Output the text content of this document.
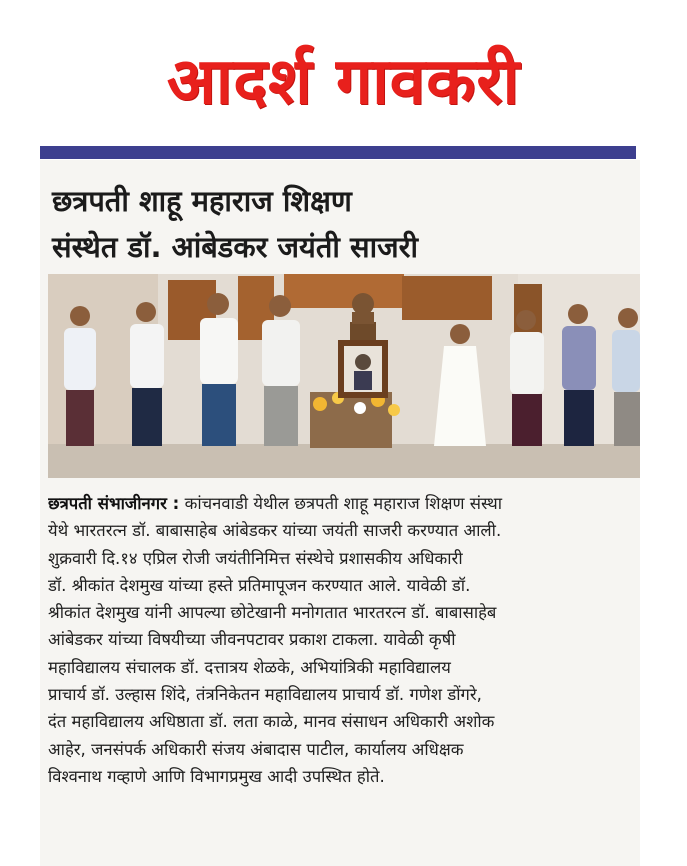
आदर्श गावकरी
छत्रपती शाहू महाराज शिक्षण
संस्थेत डॉ. आंबेडकर जयंती साजरी
छत्रपती संभाजीनगर : कांचनवाडी येथील छत्रपती शाहू महाराज शिक्षण संस्था
येथे भारतरत्न डॉ. बाबासाहेब आंबेडकर यांच्या जयंती साजरी करण्यात आली.
शुक्रवारी दि.१४ एप्रिल रोजी जयंतीनिमित्त संस्थेचे प्रशासकीय अधिकारी
डॉ. श्रीकांत देशमुख यांच्या हस्ते प्रतिमापूजन करण्यात आले. यावेळी डॉ.
श्रीकांत देशमुख यांनी आपल्या छोटेखानी मनोगतात भारतरत्न डॉ. बाबासाहेब
आंबेडकर यांच्या विषयीच्या जीवनपटावर प्रकाश टाकला. यावेळी कृषी
महाविद्यालय संचालक डॉ. दत्तात्रय शेळके, अभियांत्रिकी महाविद्यालय
प्राचार्य डॉ. उल्हास शिंदे, तंत्रनिकेतन महाविद्यालय प्राचार्य डॉ. गणेश डोंगरे,
दंत महाविद्यालय अधिष्ठाता डॉ. लता काळे, मानव संसाधन अधिकारी अशोक
आहेर, जनसंपर्क अधिकारी संजय अंबादास पाटील, कार्यालय अधिक्षक
विश्वनाथ गव्हाणे आणि विभागप्रमुख आदी उपस्थित होते.
